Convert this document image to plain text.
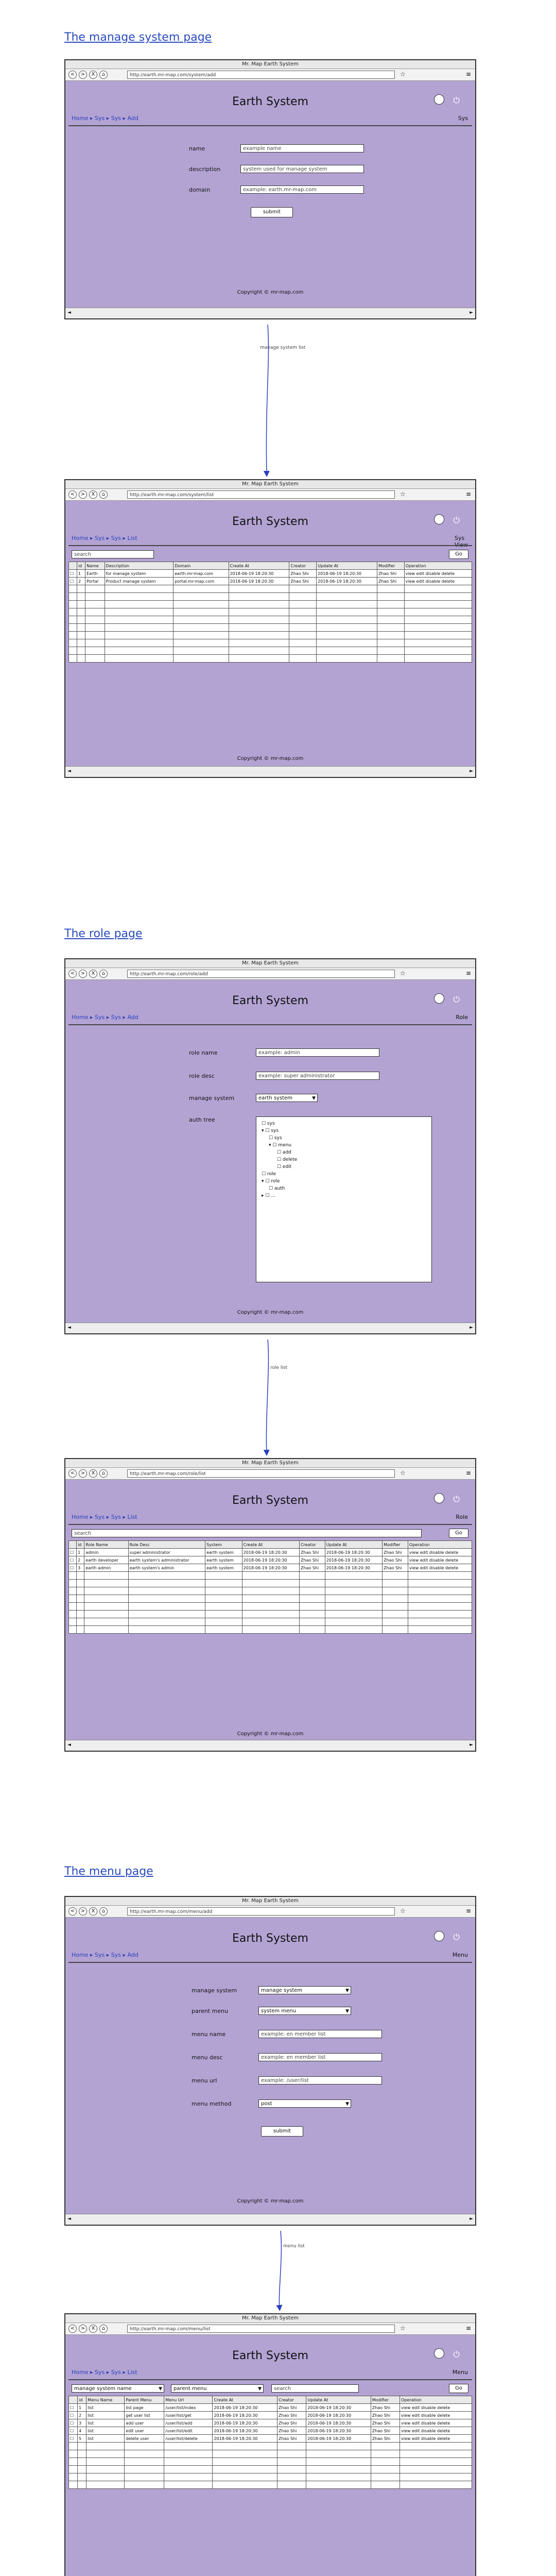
The manage system page
The role page
The menu page
manage system list
role list
menu list
Mr. Map Earth System
<	>	X	⌂	http://earth.mr-map.com/system/add	☆	≡
Earth System	⏻
Home ▸ Sys ▸ Sys ▸ Add	Sys
name	example name
description	system used for manage system
domain	example: earth.mr-map.com
submit
Copyright © mr-map.com
◄	►
Mr. Map Earth System
<	>	X	⌂	http://earth.mr-map.com/system/list	☆	≡
Earth System	⏻
Home ▸ Sys ▸ Sys ▸ List	Sys

search	Go
	id	Name	Description	Domain	Create At	Creator	Update At	Modifier	Operation
☐	1	Earth	for manage system	earth.mr-map.com	2018-06-19 18:20:30	Zhao Shi	2018-06-19 18:20:30	Zhao Shi	view edit disable delete
☐	2	Portal	Product manage system	portal.mr-map.com	2018-06-19 18:20:30	Zhao Shi	2018-06-19 18:20:30	Zhao Shi	view edit disable delete

Copyright © mr-map.com
◄	►
Mr. Map Earth System
<	>	X	⌂	http://earth.mr-map.com/role/add	☆	≡
Earth System	⏻
Home ▸ Sys ▸ Sys ▸ Add	Role
role name	example: admin
role desc	example: super administrator
manage system	earth system	▼
auth tree
☐ sys
▾ ☐ sys
☐ sys
▾ ☐ menu
☐ add
☐ delete
☐ edit
☐ role
▾ ☐ role
☐ auth
▸ ☐ ...
Copyright © mr-map.com
◄	►
Mr. Map Earth System
<	>	X	⌂	http://earth.mr-map.com/role/list	☆	≡
Earth System	⏻
Home ▸ Sys ▸ Sys ▸ List	Role
search	Go
	id	Role Name	Role Desc	System	Create At	Creator	Update At	Modifier	Operation
☐	1	admin	super administrator	earth system	2018-06-19 18:20:30	Zhao Shi	2018-06-19 18:20:30	Zhao Shi	view edit disable delete
☐	2	earth developer	earth system's administrator	earth system	2018-06-19 18:20:30	Zhao Shi	2018-06-19 18:20:30	Zhao Shi	view edit disable delete
☐	3	earth admin	earth system's admin	earth system	2018-06-19 18:20:30	Zhao Shi	2018-06-19 18:20:30	Zhao Shi	view edit disable delete

Copyright © mr-map.com
◄	►
Mr. Map Earth System
<	>	X	⌂	http://earth.mr-map.com/menu/add	☆	≡
Earth System	⏻
Home ▸ Sys ▸ Sys ▸ Add	Menu
manage system	manage system	▼
parent menu	system menu	▼
menu name	example: en member list
menu desc	example: en member list
menu url	example: /user/list
menu method	post	▼
submit
Copyright © mr-map.com
◄	►
Mr. Map Earth System
<	>	X	⌂	http://earth.mr-map.com/menu/list	☆	≡
Earth System	⏻
Home ▸ Sys ▸ Sys ▸ List	Menu
manage system name	▼	parent menu	▼	search	Go
	id	Menu Name	Parent Menu	Menu Url	Create At	Creator	Update At	Modifier	Operation
☐	1	list	list page	/user/list/index	2018-06-19 18:20:30	Zhao Shi	2018-06-19 18:20:30	Zhao Shi	view edit disable delete
☐	2	list	get user list	/user/list/get	2018-06-19 18:20:30	Zhao Shi	2018-06-19 18:20:30	Zhao Shi	view edit disable delete
☐	3	list	add user	/user/list/add	2018-06-19 18:20:30	Zhao Shi	2018-06-19 18:20:30	Zhao Shi	view edit disable delete
☐	4	list	edit user	/user/list/edit	2018-06-19 18:20:30	Zhao Shi	2018-06-19 18:20:30	Zhao Shi	view edit disable delete
☐	5	list	delete user	/user/list/delete	2018-06-19 18:20:30	Zhao Shi	2018-06-19 18:20:30	Zhao Shi	view edit disable delete
